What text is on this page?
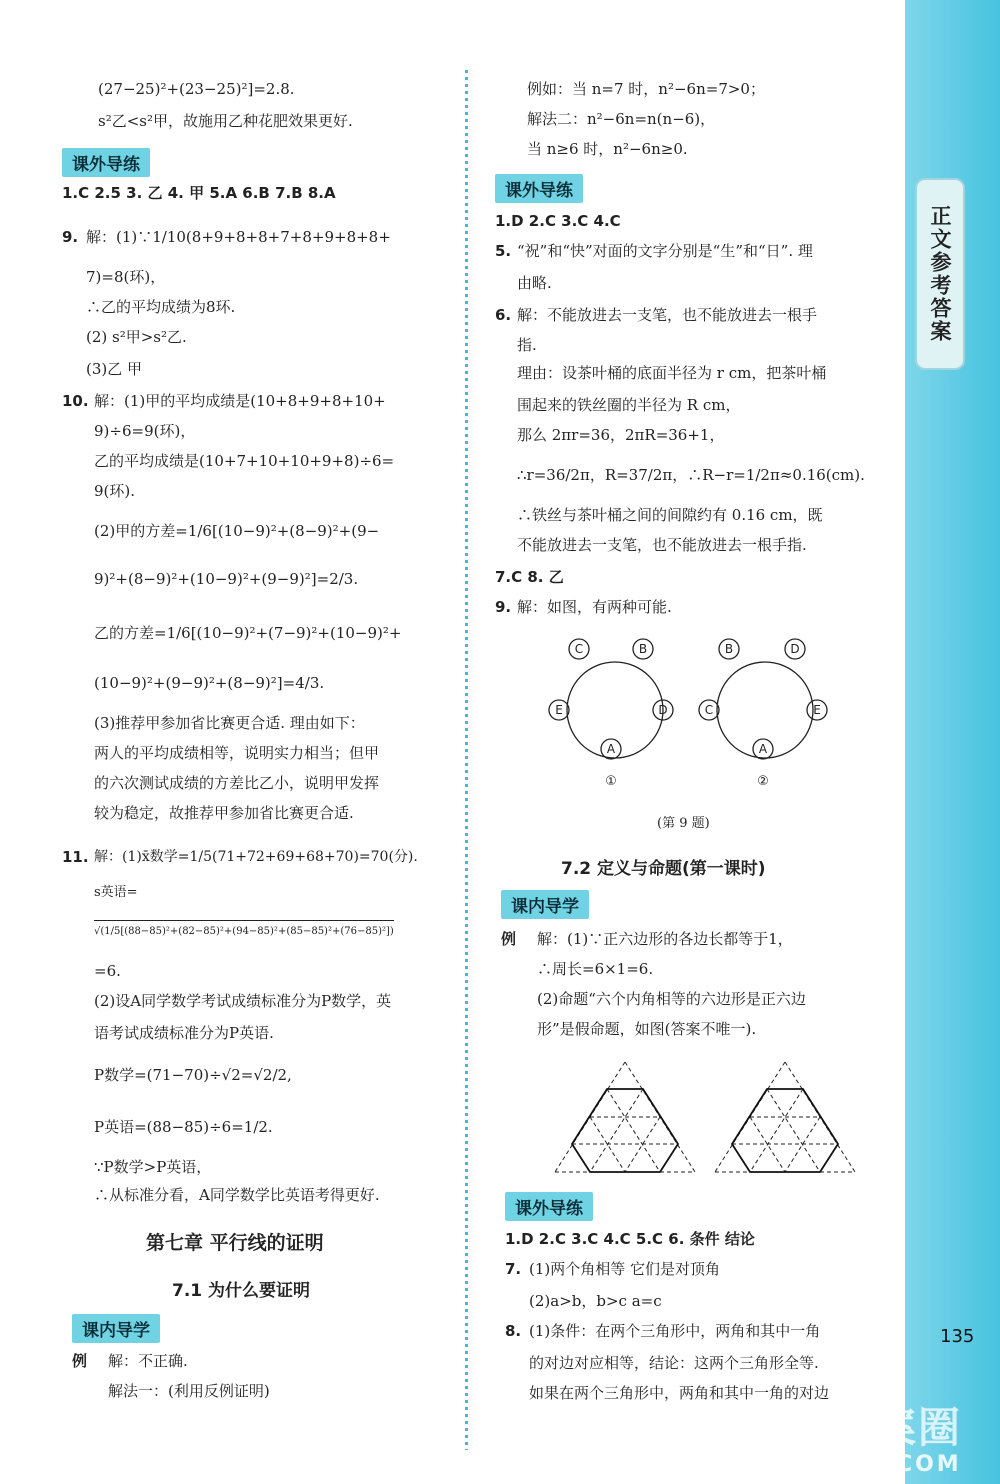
正文参考答案
(27−25)²+(23−25)²]=2.8.
s²乙<s²甲，故施用乙种花肥效果更好.
课外导练
1.C 2.5 3. 乙 4. 甲 5.A 6.B 7.B 8.A
9. 解：(1)∵1/10(8+9+8+8+7+8+9+8+8+
7)=8(环)，
∴乙的平均成绩为8环.
(2) s²甲>s²乙.
(3)乙 甲
10. 解：(1)甲的平均成绩是(10+8+9+8+10+
9)÷6=9(环)，
乙的平均成绩是(10+7+10+10+9+8)÷6=
9(环).
(2)甲的方差=1/6[(10−9)²+(8−9)²+(9−
9)²+(8−9)²+(10−9)²+(9−9)²]=2/3.
乙的方差=1/6[(10−9)²+(7−9)²+(10−9)²+
(10−9)²+(9−9)²+(8−9)²]=4/3.
(3)推荐甲参加省比赛更合适. 理由如下：
两人的平均成绩相等，说明实力相当；但甲
的六次测试成绩的方差比乙小，说明甲发挥
较为稳定，故推荐甲参加省比赛更合适.
11. 解：(1)x̄数学=1/5(71+72+69+68+70)=70(分).
s英语=
√(1/5[(88−85)²+(82−85)²+(94−85)²+(85−85)²+(76−85)²])
=6.
(2)设A同学数学考试成绩标准分为P数学，英
语考试成绩标准分为P英语.
P数学=(71−70)÷√2=√2/2,
P英语=(88−85)÷6=1/2.
∵P数学>P英语，
∴从标准分看，A同学数学比英语考得更好.
第七章 平行线的证明
7.1 为什么要证明
课内导学
例 解：不正确.
解法一：(利用反例证明)
例如：当 n=7 时，n²−6n=7>0；
解法二：n²−6n=n(n−6)，
当 n≥6 时，n²−6n≥0.
课外导练
1.D 2.C 3.C 4.C
5. “祝”和“快”对面的文字分别是“生”和“日”. 理
由略.
6. 解：不能放进去一支笔，也不能放进去一根手
指.
理由：设茶叶桶的底面半径为 r cm，把茶叶桶
围起来的铁丝圈的半径为 R cm，
那么 2πr=36，2πR=36+1，
∴r=36/2π，R=37/2π，∴R−r=1/2π≈0.16(cm).
∴铁丝与茶叶桶之间的间隙约有 0.16 cm，既
不能放进去一支笔，也不能放进去一根手指.
7.C 8. 乙
9. 解：如图，有两种可能.
C	B
E	D
A
B	D
C	E
A
①	②
(第 9 题)
7.2 定义与命题(第一课时)
课内导学
例 解：(1)∵正六边形的各边长都等于1，
∴周长=6×1=6.
(2)命题“六个内角相等的六边形是正六边
形”是假命题，如图(答案不唯一).
课外导练
1.D 2.C 3.C 4.C 5.C 6. 条件 结论
7. (1)两个角相等 它们是对顶角
(2)a>b，b>c a=c
8. (1)条件：在两个三角形中，两角和其中一角
的对边对应相等，结论：这两个三角形全等.
如果在两个三角形中，两角和其中一角的对边
135
答案圈
MXQE.COM
